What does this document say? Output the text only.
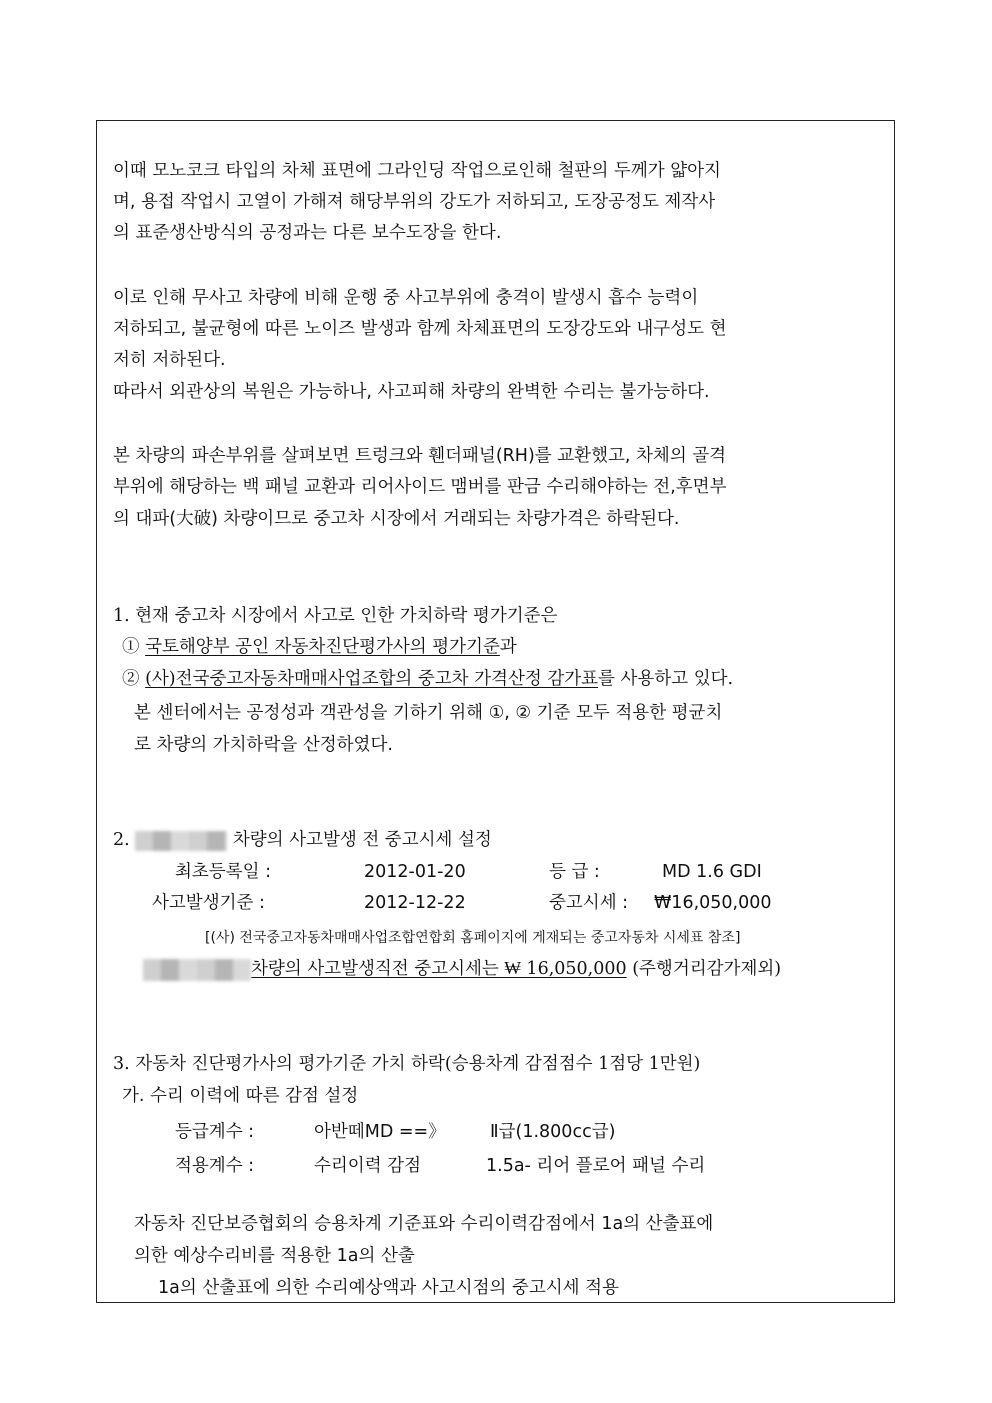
이때 모노코크 타입의 차체 표면에 그라인딩 작업으로인해 철판의 두께가 얇아지
며, 용접 작업시 고열이 가해져 해당부위의 강도가 저하되고, 도장공정도 제작사
의 표준생산방식의 공정과는 다른 보수도장을 한다.
이로 인해 무사고 차량에 비해 운행 중 사고부위에 충격이 발생시 흡수 능력이
저하되고, 불균형에 따른 노이즈 발생과 함께 차체표면의 도장강도와 내구성도 현
저히 저하된다.
따라서 외관상의 복원은 가능하나, 사고피해 차량의 완벽한 수리는 불가능하다.
본 차량의 파손부위를 살펴보면 트렁크와 휀더패널(RH)를 교환했고, 차체의 골격
부위에 해당하는 백 패널 교환과 리어사이드 맴버를 판금 수리해야하는 전,후면부
의 대파(大破) 차량이므로 중고차 시장에서 거래되는 차량가격은 하락된다.
1. 현재 중고차 시장에서 사고로 인한 가치하락 평가기준은
① 국토해양부 공인 자동차진단평가사의 평가기준과
② (사)전국중고자동차매매사업조합의 중고차 가격산정 감가표를 사용하고 있다.
본 센터에서는 공정성과 객관성을 기하기 위해 ①, ② 기준 모두 적용한 평균치
로 차량의 가치하락을 산정하였다.
2.	차량의 사고발생 전 중고시세 설정
최초등록일 :	2012-01-20	등 급 :	MD 1.6 GDI
사고발생기준 :	2012-12-22	중고시세 : ₩16,050,000
[(사) 전국중고자동차매매사업조합연합회 홈페이지에 게재되는 중고자동차 시세표 참조]
차량의 사고발생직전 중고시세는 ₩ 16,050,000 (주행거리감가제외)
3. 자동차 진단평가사의 평가기준 가치 하락(승용차계 감점점수 1점당 1만원)
가. 수리 이력에 따른 감점 설정
등급계수 :	아반떼MD ==》	Ⅱ급(1.800cc급)
적용계수 :	수리이력 감점	1.5a- 리어 플로어 패널 수리
자동차 진단보증협회의 승용차계 기준표와 수리이력감점에서 1a의 산출표에
의한 예상수리비를 적용한 1a의 산출
1a의 산출표에 의한 수리예상액과 사고시점의 중고시세 적용
